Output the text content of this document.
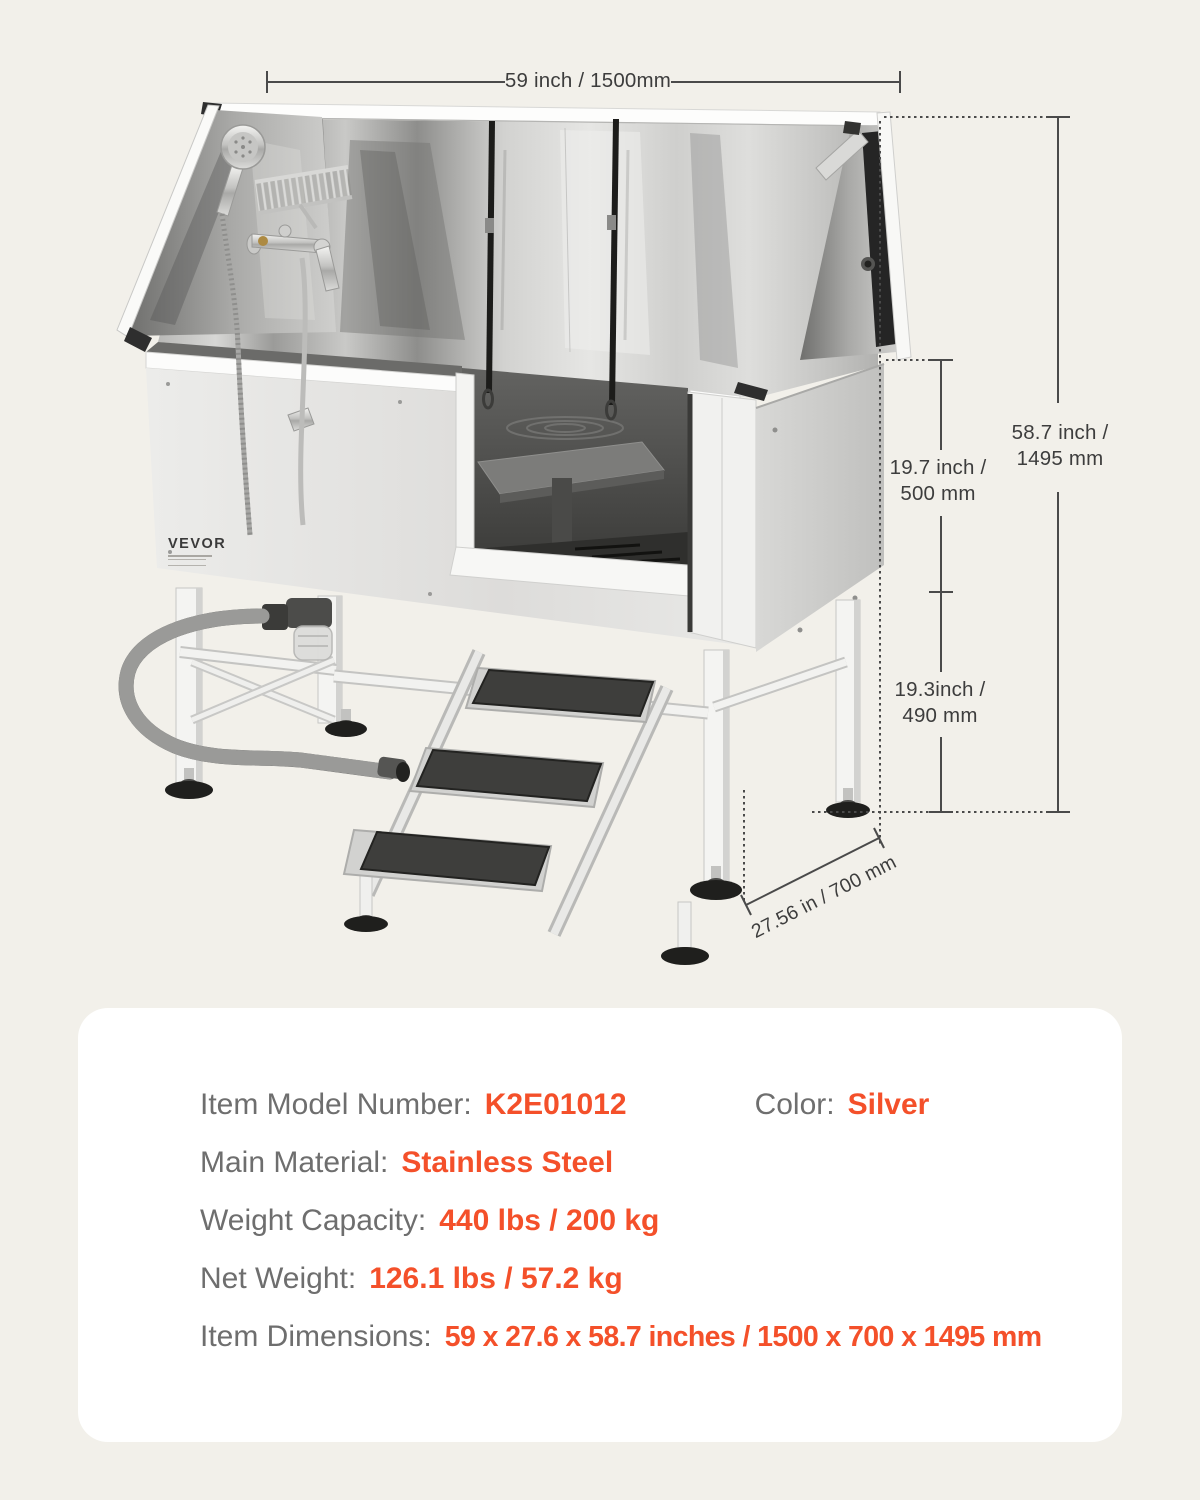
59 inch / 1500mm
58.7 inch /
1495 mm
19.7 inch /
500 mm
19.3inch /
490 mm
27.56 in / 700 mm
VEVOR
Item Model Number: K2E01012	Color: Silver
Main Material: Stainless Steel
Weight Capacity: 440 lbs / 200 kg
Net Weight: 126.1 lbs / 57.2 kg
Item Dimensions: 59 x 27.6 x 58.7 inches / 1500 x 700 x 1495 mm
